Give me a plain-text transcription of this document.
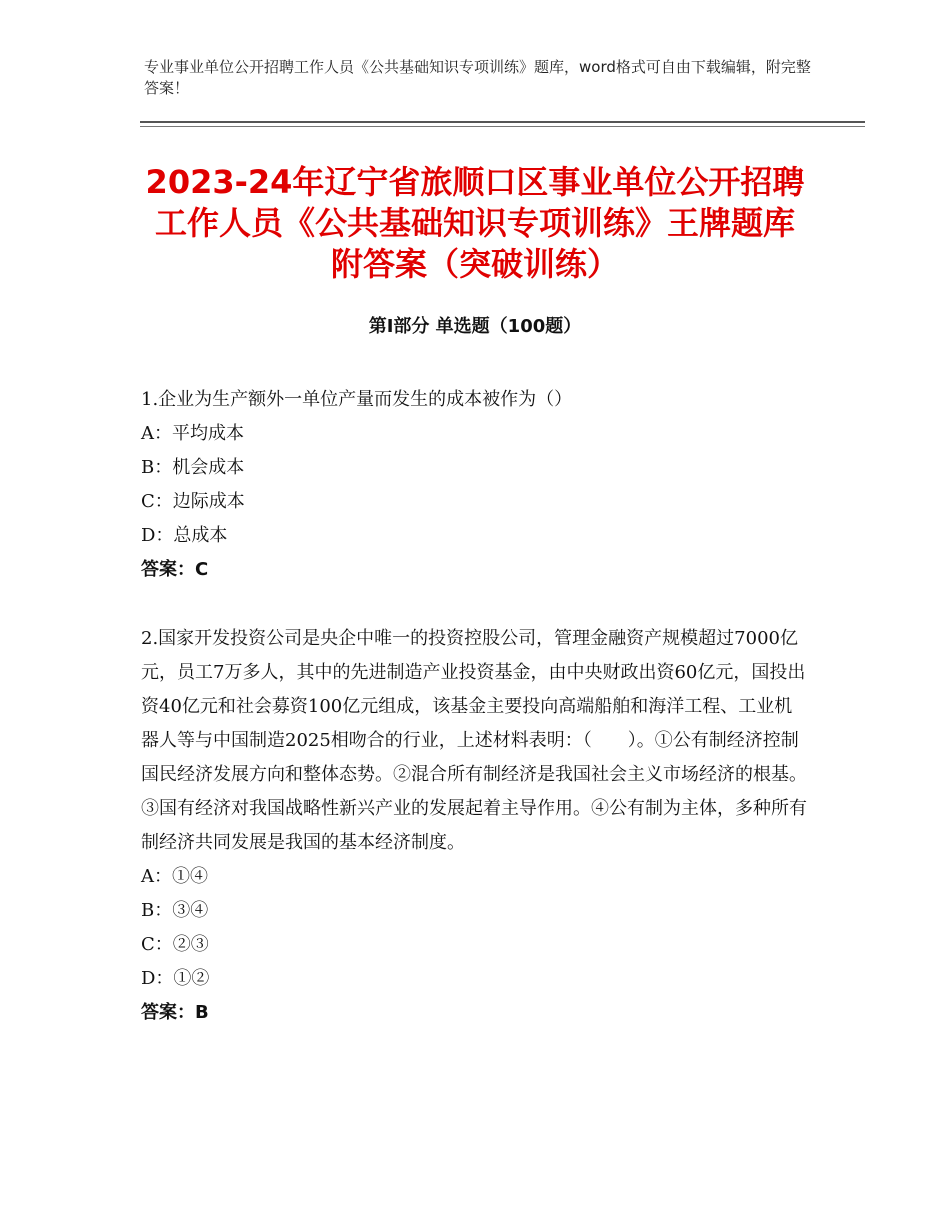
专业事业单位公开招聘工作人员《公共基础知识专项训练》题库，word格式可自由下载编辑，附完整答案！
2023-24年辽宁省旅顺口区事业单位公开招聘工作人员《公共基础知识专项训练》王牌题库附答案（突破训练）
第Ⅰ部分 单选题（100题）

1.企业为生产额外一单位产量而发生的成本被作为（）

A：平均成本

B：机会成本

C：边际成本

D：总成本

答案：C

2.国家开发投资公司是央企中唯一的投资控股公司，管理金融资产规模超过7000亿元，员工7万多人，其中的先进制造产业投资基金，由中央财政出资60亿元，国投出资40亿元和社会募资100亿元组成，该基金主要投向高端船舶和海洋工程、工业机器人等与中国制造2025相吻合的行业，上述材料表明：（　　）。①公有制经济控制国民经济发展方向和整体态势。②混合所有制经济是我国社会主义市场经济的根基。③国有经济对我国战略性新兴产业的发展起着主导作用。④公有制为主体，多种所有制经济共同发展是我国的基本经济制度。

A：①④

B：③④

C：②③

D：①②

答案：B
